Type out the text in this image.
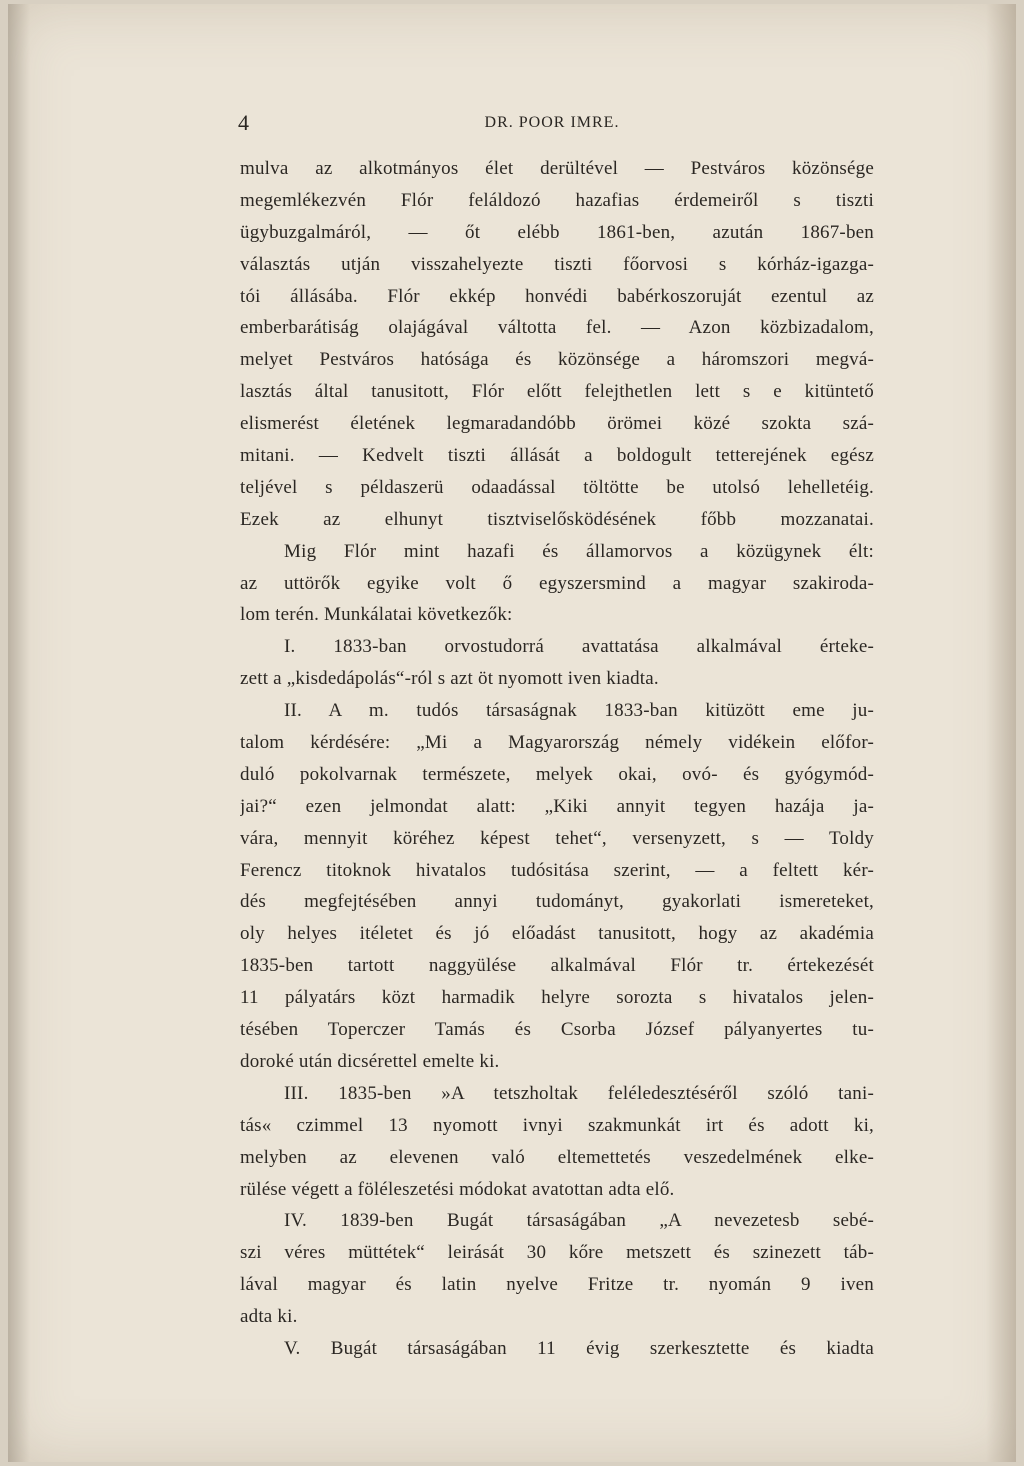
4	DR. POOR IMRE.
mulva az alkotmányos élet derültével — Pestváros közönsége
megemlékezvén Flór feláldozó hazafias érdemeiről s tiszti
ügybuzgalmáról, — őt elébb 1861-ben, azután 1867-ben
választás utján visszahelyezte tiszti főorvosi s kórház-igazga-
tói állásába. Flór ekkép honvédi babérkoszoruját ezentul az
emberbarátiság olajágával váltotta fel. — Azon közbizadalom,
melyet Pestváros hatósága és közönsége a háromszori megvá-
lasztás által tanusitott, Flór előtt felejthetlen lett s e kitüntető
elismerést életének legmaradandóbb örömei közé szokta szá-
mitani. — Kedvelt tiszti állását a boldogult tetterejének egész
teljével s példaszerü odaadással töltötte be utolsó lehelletéig.
Ezek az elhunyt tisztviselősködésének főbb mozzanatai.
Mig Flór mint hazafi és államorvos a közügynek élt:
az uttörők egyike volt ő egyszersmind a magyar szakiroda-
lom terén. Munkálatai következők:
I. 1833-ban orvostudorrá avattatása alkalmával érteke-
zett a „kisdedápolás“-ról s azt öt nyomott iven kiadta.
II. A m. tudós társaságnak 1833-ban kitüzött eme ju-
talom kérdésére: „Mi a Magyarország némely vidékein előfor-
duló pokolvarnak természete, melyek okai, ovó- és gyógymód-
jai?“ ezen jelmondat alatt: „Kiki annyit tegyen hazája ja-
vára, mennyit köréhez képest tehet“, versenyzett, s — Toldy
Ferencz titoknok hivatalos tudósitása szerint, — a feltett kér-
dés megfejtésében annyi tudományt, gyakorlati ismereteket,
oly helyes itéletet és jó előadást tanusitott, hogy az akadémia
1835-ben tartott naggyülése alkalmával Flór tr. értekezését
11 pályatárs közt harmadik helyre sorozta s hivatalos jelen-
tésében Toperczer Tamás és Csorba József pályanyertes tu-
doroké után dicsérettel emelte ki.
III. 1835-ben »A tetszholtak feléledesztéséről szóló tani-
tás« czimmel 13 nyomott ivnyi szakmunkát irt és adott ki,
melyben az elevenen való eltemettetés veszedelmének elke-
rülése végett a föléleszetési módokat avatottan adta elő.
IV. 1839-ben Bugát társaságában „A nevezetesb sebé-
szi véres müttétek“ leirását 30 kőre metszett és szinezett táb-
lával magyar és latin nyelve Fritze tr. nyomán 9 iven
adta ki.
V. Bugát társaságában 11 évig szerkesztette és kiadta
